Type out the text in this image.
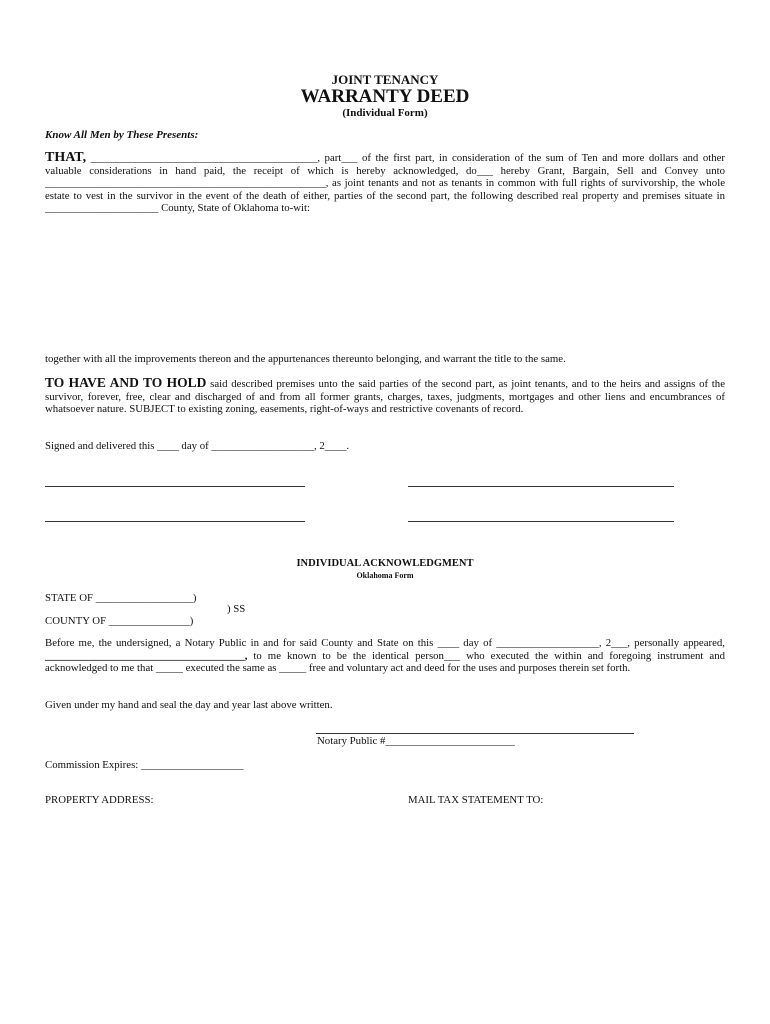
JOINT TENANCY
WARRANTY DEED
(Individual Form)
Know All Men by These Presents:
THAT, __________________________________________, part___ of the first part, in consideration of the sum of Ten and more dollars and other valuable considerations in hand paid, the receipt of which is hereby acknowledged, do___ hereby Grant, Bargain, Sell and Convey unto ____________________________________________________, as joint tenants and not as tenants in common with full rights of survivorship, the whole estate to vest in the survivor in the event of the death of either, parties of the second part, the following described real property and premises situate in _____________________ County, State of Oklahoma to-wit:
together with all the improvements thereon and the appurtenances thereunto belonging, and warrant the title to the same.
TO HAVE AND TO HOLD said described premises unto the said parties of the second part, as joint tenants, and to the heirs and assigns of the survivor, forever, free, clear and discharged of and from all former grants, charges, taxes, judgments, mortgages and other liens and encumbrances of whatsoever nature. SUBJECT to existing zoning, easements, right-of-ways and restrictive covenants of record.
Signed and delivered this ____ day of ___________________, 2____.
INDIVIDUAL ACKNOWLEDGMENT
Oklahoma Form
STATE OF __________________)
) SS
COUNTY OF _______________)
Before me, the undersigned, a Notary Public in and for said County and State on this ____ day of ___________________, 2___, personally appeared, _____________________________________, to me known to be the identical person___ who executed the within and foregoing instrument and acknowledged to me that _____ executed the same as _____ free and voluntary act and deed for the uses and purposes therein set forth.
Given under my hand and seal the day and year last above written.
Notary Public #________________________
Commission Expires: ___________________
PROPERTY ADDRESS:	MAIL TAX STATEMENT TO:
